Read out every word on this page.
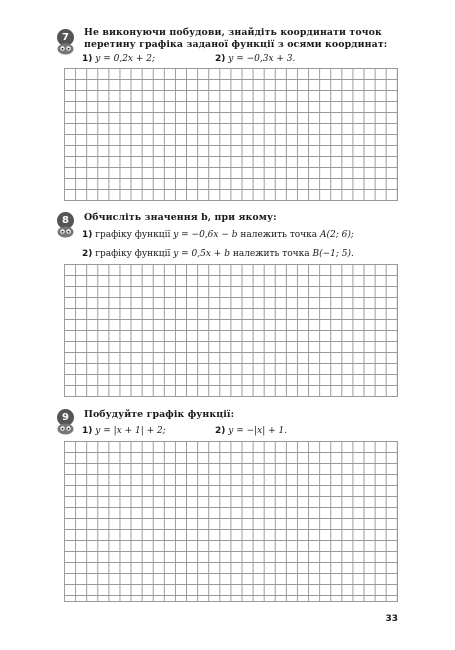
7	Не виконуючи побудови, знайдіть координати точок перетину графіка заданої функції з осями координат:
1) y = 0,2x + 2;	2) y = −0,3x + 3.
8	Обчисліть значення b, при якому:
1) графіку функції y = −0,6x − b належить точка A(2; 6);
2) графіку функції y = 0,5x + b належить точка B(−1; 5).
9	Побудуйте графік функції:
1) y = |x + 1| + 2;	2) y = −|x| + 1.
33
